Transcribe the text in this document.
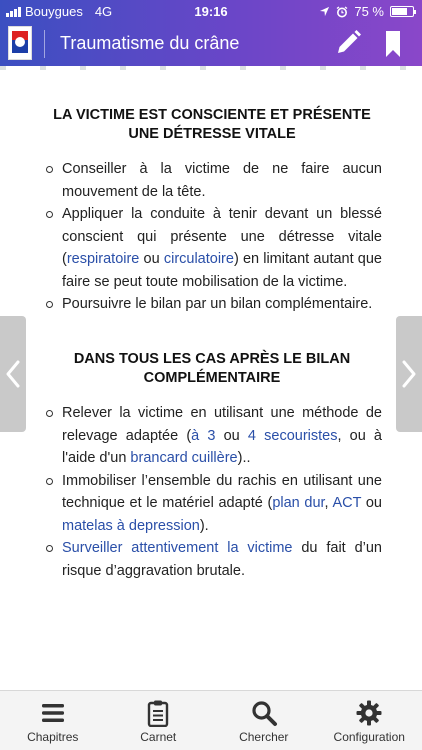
Bouygues 4G	19:16	75 %
Traumatisme du crâne
LA VICTIME EST CONSCIENTE ET PRÉSENTE UNE DÉTRESSE VITALE
Conseiller à la victime de ne faire aucun mouvement de la tête.
Appliquer la conduite à tenir devant un blessé conscient qui présente une détresse vitale (respiratoire ou circulatoire) en limitant autant que faire se peut toute mobilisation de la victime.
Poursuivre le bilan par un bilan complémentaire.
DANS TOUS LES CAS APRÈS LE BILAN COMPLÉMENTAIRE
Relever la victime en utilisant une méthode de relevage adaptée (à 3 ou 4 secouristes, ou à l'aide d'un brancard cuillère)..
Immobiliser l’ensemble du rachis en utilisant une technique et le matériel adapté (plan dur, ACT ou matelas à depression).
Surveiller attentivement la victime du fait d’un risque d’aggravation brutale.
Chapitres	Carnet	Chercher	Configuration
